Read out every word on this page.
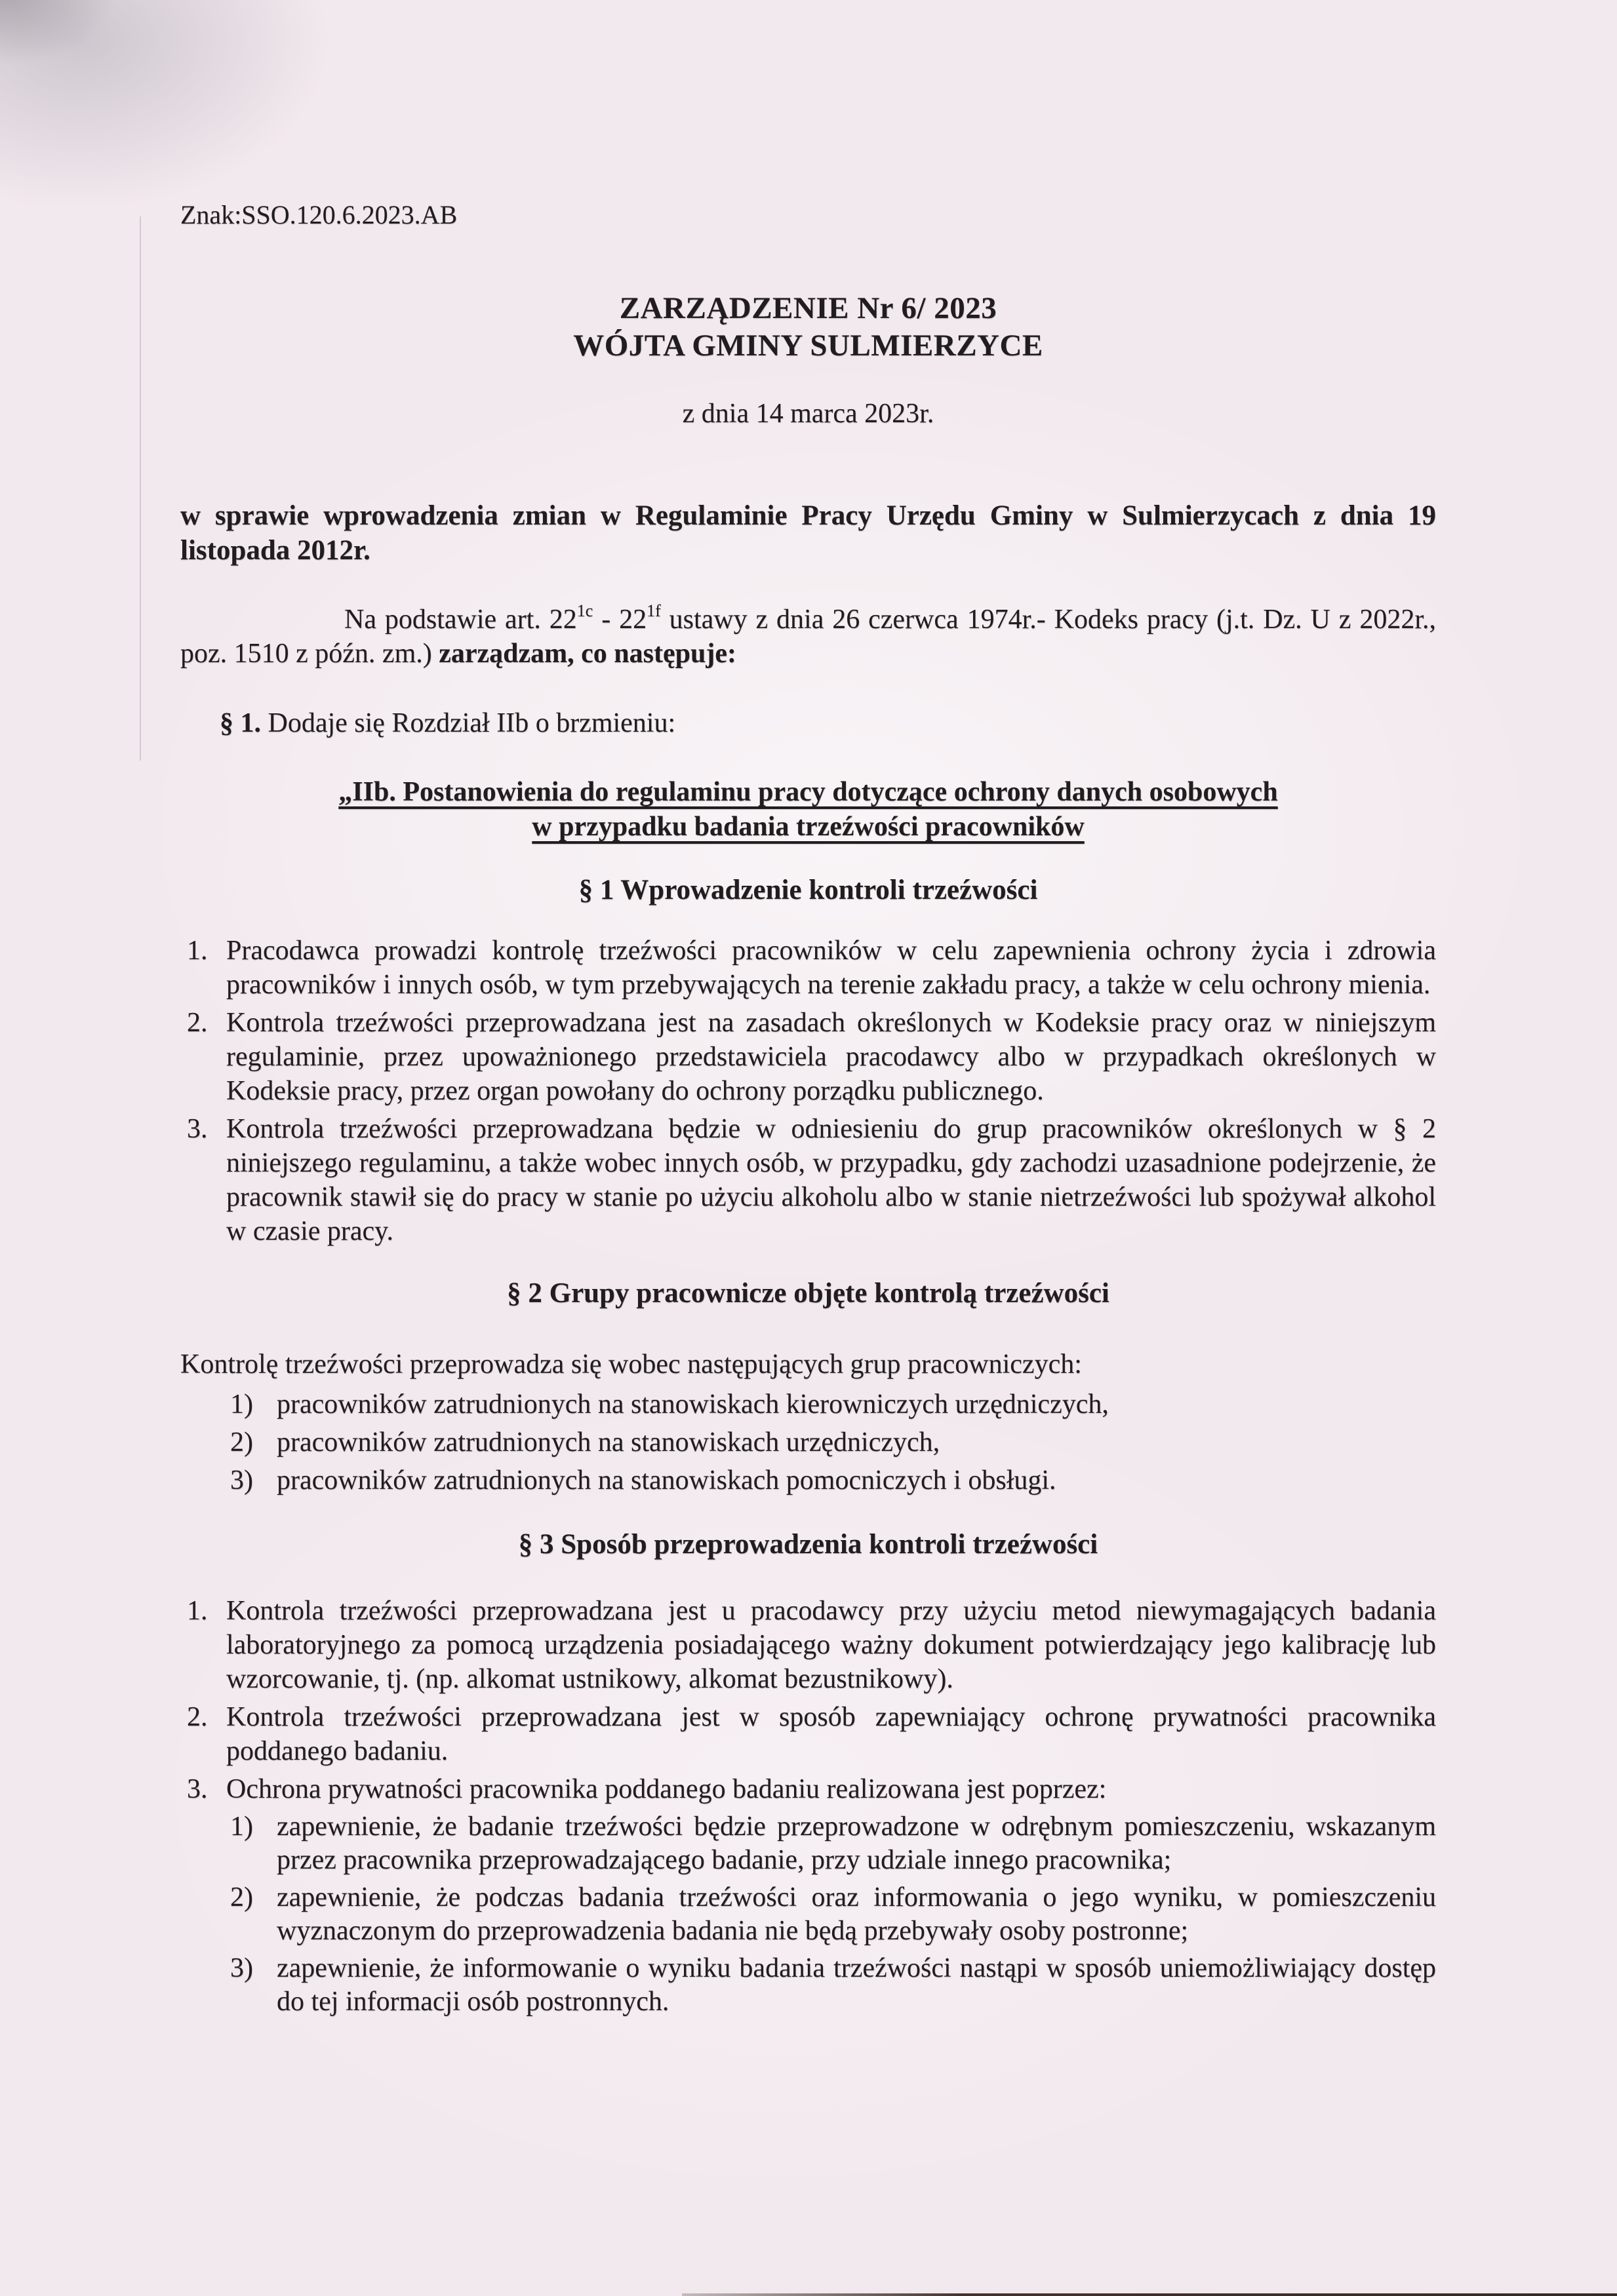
Znak:SSO.120.6.2023.AB
ZARZĄDZENIE Nr 6/ 2023
WÓJTA GMINY SULMIERZYCE
z dnia 14 marca 2023r.
w sprawie wprowadzenia zmian w Regulaminie Pracy Urzędu Gminy w Sulmierzycach z dnia 19 listopada 2012r.
Na podstawie art. $22^{1c} - 22^{1f}$ ustawy z dnia 26 czerwca 1974r.- Kodeks pracy (j.t. Dz. U z 2022r., poz. 1510 z późn. zm.) zarządzam, co następuje:
§ 1. Dodaje się Rozdział IIb o brzmieniu:
„IIb. Postanowienia do regulaminu pracy dotyczące ochrony danych osobowych
w przypadku badania trzeźwości pracowników
§ 1 Wprowadzenie kontroli trzeźwości
1. Pracodawca prowadzi kontrolę trzeźwości pracowników w celu zapewnienia ochrony życia i zdrowia pracowników i innych osób, w tym przebywających na terenie zakładu pracy, a także w celu ochrony mienia.
2. Kontrola trzeźwości przeprowadzana jest na zasadach określonych w Kodeksie pracy oraz w niniejszym regulaminie, przez upoważnionego przedstawiciela pracodawcy albo w przypadkach określonych w Kodeksie pracy, przez organ powołany do ochrony porządku publicznego.
3. Kontrola trzeźwości przeprowadzana będzie w odniesieniu do grup pracowników określonych w § 2 niniejszego regulaminu, a także wobec innych osób, w przypadku, gdy zachodzi uzasadnione podejrzenie, że pracownik stawił się do pracy w stanie po użyciu alkoholu albo w stanie nietrzeźwości lub spożywał alkohol w czasie pracy.
§ 2 Grupy pracownicze objęte kontrolą trzeźwości
Kontrolę trzeźwości przeprowadza się wobec następujących grup pracowniczych:
1) pracowników zatrudnionych na stanowiskach kierowniczych urzędniczych,
2) pracowników zatrudnionych na stanowiskach urzędniczych,
3) pracowników zatrudnionych na stanowiskach pomocniczych i obsługi.
§ 3 Sposób przeprowadzenia kontroli trzeźwości
1. Kontrola trzeźwości przeprowadzana jest u pracodawcy przy użyciu metod niewymagających badania laboratoryjnego za pomocą urządzenia posiadającego ważny dokument potwierdzający jego kalibrację lub wzorcowanie, tj. (np. alkomat ustnikowy, alkomat bezustnikowy).
2. Kontrola trzeźwości przeprowadzana jest w sposób zapewniający ochronę prywatności pracownika poddanego badaniu.
3. Ochrona prywatności pracownika poddanego badaniu realizowana jest poprzez:
1) zapewnienie, że badanie trzeźwości będzie przeprowadzone w odrębnym pomieszczeniu, wskazanym przez pracownika przeprowadzającego badanie, przy udziale innego pracownika;
2) zapewnienie, że podczas badania trzeźwości oraz informowania o jego wyniku, w pomieszczeniu wyznaczonym do przeprowadzenia badania nie będą przebywały osoby postronne;
3) zapewnienie, że informowanie o wyniku badania trzeźwości nastąpi w sposób uniemożliwiający dostęp do tej informacji osób postronnych.
